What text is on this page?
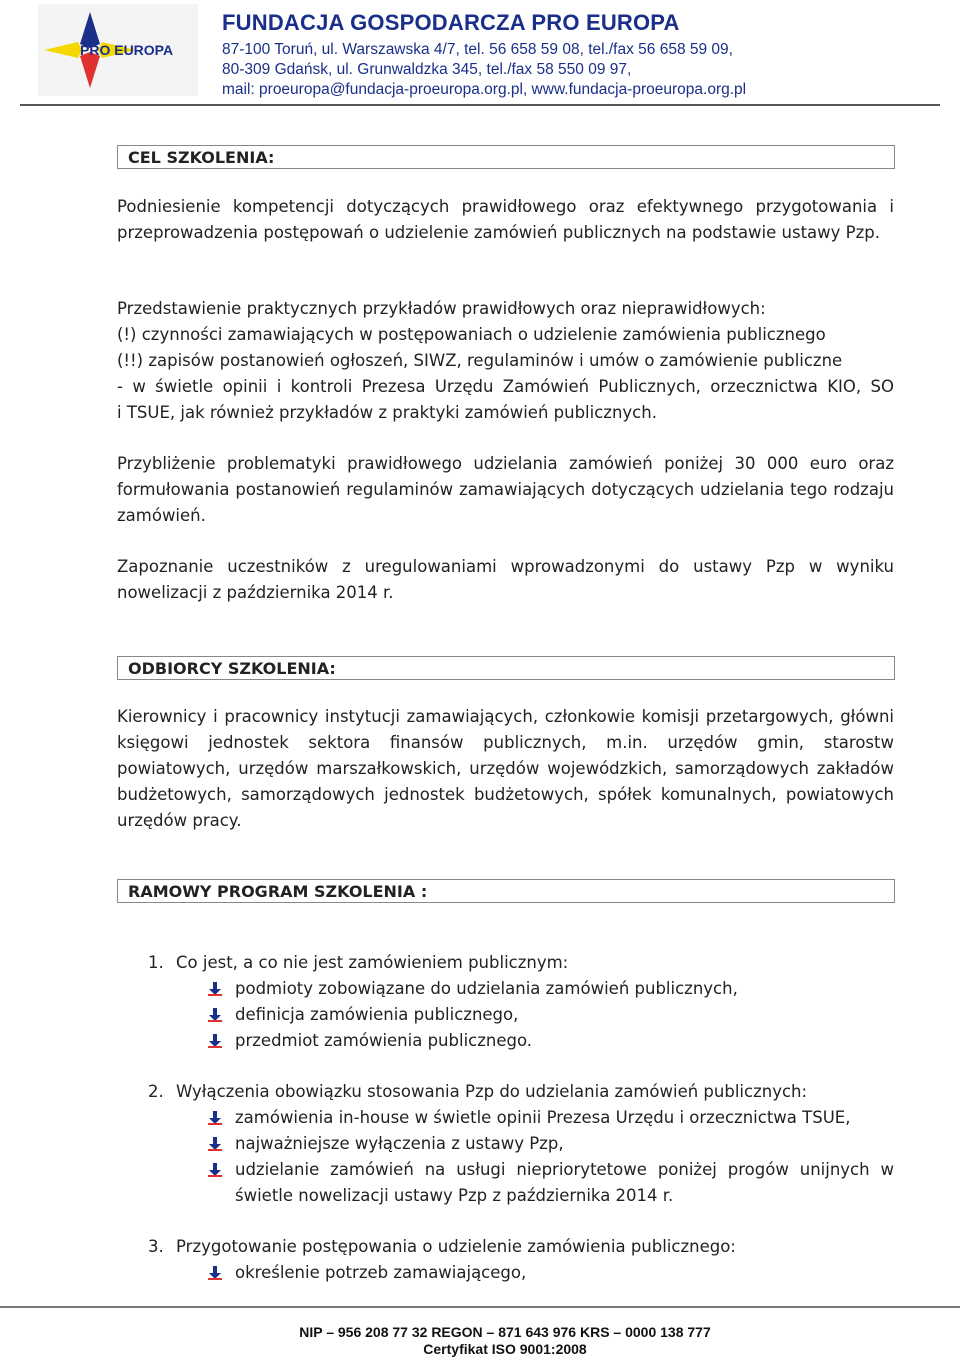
PRO EUROPA

FUNDACJA GOSPODARCZA PRO EUROPA

87-100 Toruń, ul. Warszawska 4/7, tel. 56 658 59 08, tel./fax 56 658 59 09,

80-309 Gdańsk, ul. Grunwaldzka 345, tel./fax 58 550 09 97,

mail: proeuropa@fundacja-proeuropa.org.pl, www.fundacja-proeuropa.org.pl

CEL SZKOLENIA:

Podniesienie kompetencji dotyczących prawidłowego oraz efektywnego przygotowania i przeprowadzenia postępowań o udzielenie zamówień publicznych na podstawie ustawy Pzp.

Przedstawienie praktycznych przykładów prawidłowych oraz nieprawidłowych:
(!) czynności zamawiających w postępowaniach o udzielenie zamówienia publicznego
(!!) zapisów postanowień ogłoszeń, SIWZ, regulaminów i umów o zamówienie publiczne
- w świetle opinii i kontroli Prezesa Urzędu Zamówień Publicznych, orzecznictwa KIO, SO
i TSUE, jak również przykładów z praktyki zamówień publicznych.

Przybliżenie problematyki prawidłowego udzielania zamówień poniżej 30 000 euro oraz formułowania postanowień regulaminów zamawiających dotyczących udzielania tego rodzaju zamówień.

Zapoznanie uczestników z uregulowaniami wprowadzonymi do ustawy Pzp w wyniku nowelizacji z października 2014 r.

ODBIORCY SZKOLENIA:

Kierownicy i pracownicy instytucji zamawiających, członkowie komisji przetargowych, główni księgowi jednostek sektora finansów publicznych, m.in. urzędów gmin, starostw powiatowych, urzędów marszałkowskich, urzędów wojewódzkich, samorządowych zakładów budżetowych, samorządowych jednostek budżetowych, spółek komunalnych, powiatowych urzędów pracy.

RAMOWY PROGRAM SZKOLENIA :
1. Co jest, a co nie jest zamówieniem publicznym:
podmioty zobowiązane do udzielania zamówień publicznych,
definicja zamówienia publicznego,
przedmiot zamówienia publicznego.
2. Wyłączenia obowiązku stosowania Pzp do udzielania zamówień publicznych:
zamówienia in-house w świetle opinii Prezesa Urzędu i orzecznictwa TSUE,
najważniejsze wyłączenia z ustawy Pzp,
udzielanie zamówień na usługi niepriorytetowe poniżej progów unijnych w świetle nowelizacji ustawy Pzp z października 2014 r.
3. Przygotowanie postępowania o udzielenie zamówienia publicznego:
określenie potrzeb zamawiającego,

NIP – 956 208 77 32 REGON – 871 643 976 KRS – 0000 138 777

Certyfikat ISO 9001:2008
